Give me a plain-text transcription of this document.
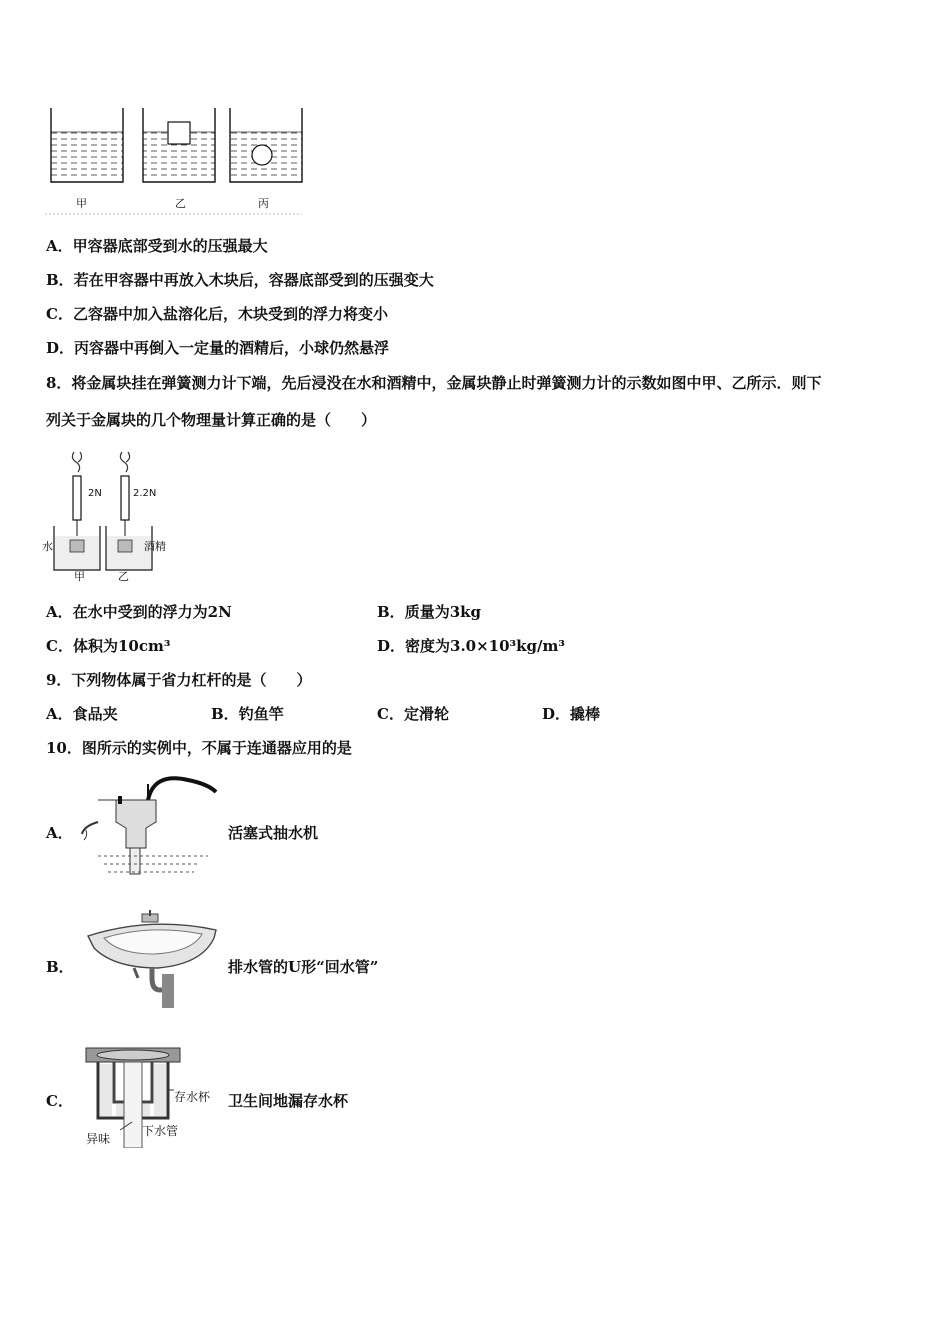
甲	乙	丙
A．甲容器底部受到水的压强最大
B．若在甲容器中再放入木块后，容器底部受到的压强变大
C．乙容器中加入盐溶化后，木块受到的浮力将变小
D．丙容器中再倒入一定量的酒精后，小球仍然悬浮
8．将金属块挂在弹簧测力计下端，先后浸没在水和酒精中，金属块静止时弹簧测力计的示数如图中甲、乙所示．则下
列关于金属块的几个物理量计算正确的是（　　）
2N	2.2N
水	酒精
甲	乙
A．在水中受到的浮力为2N	B．质量为3kg
C．体积为10cm³	D．密度为3.0×10³kg/m³
9．下列物体属于省力杠杆的是（　　）
A．食品夹	B．钓鱼竿	C．定滑轮	D．撬棒
10．图所示的实例中，不属于连通器应用的是
A．	活塞式抽水机
B．	排水管的U形“回水管”
C．	存水杯
下水管
异味
卫生间地漏存水杯
